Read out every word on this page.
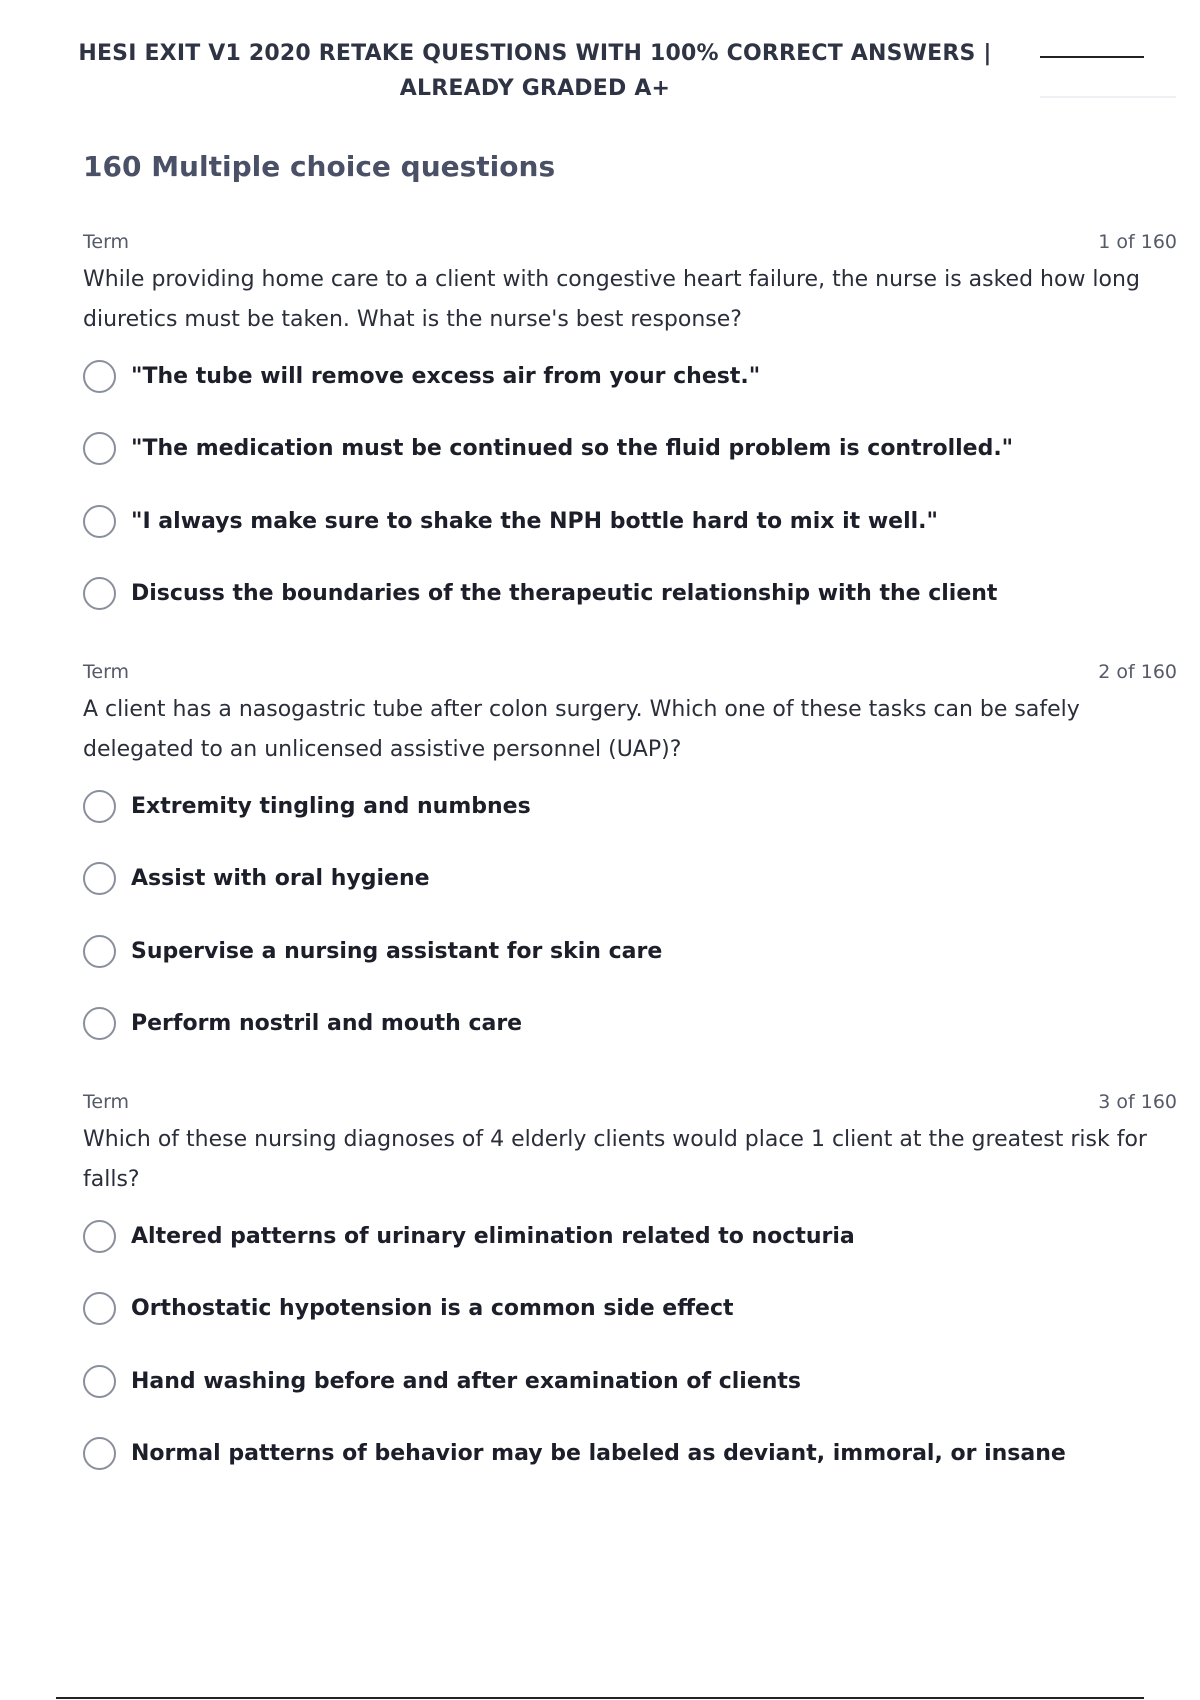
HESI EXIT V1 2020 RETAKE QUESTIONS WITH 100% CORRECT ANSWERS |
ALREADY GRADED A+
160 Multiple choice questions
Term	1 of 160

While providing home care to a client with congestive heart failure, the nurse is asked how long diuretics must be taken. What is the nurse's best response?

"The tube will remove excess air from your chest."
"The medication must be continued so the fluid problem is controlled."
"I always make sure to shake the NPH bottle hard to mix it well."
Discuss the boundaries of the therapeutic relationship with the client
Term	2 of 160

A client has a nasogastric tube after colon surgery. Which one of these tasks can be safely delegated to an unlicensed assistive personnel (UAP)?

Extremity tingling and numbnes
Assist with oral hygiene
Supervise a nursing assistant for skin care
Perform nostril and mouth care
Term	3 of 160

Which of these nursing diagnoses of 4 elderly clients would place 1 client at the greatest risk for falls?

Altered patterns of urinary elimination related to nocturia
Orthostatic hypotension is a common side effect
Hand washing before and after examination of clients
Normal patterns of behavior may be labeled as deviant, immoral, or insane
